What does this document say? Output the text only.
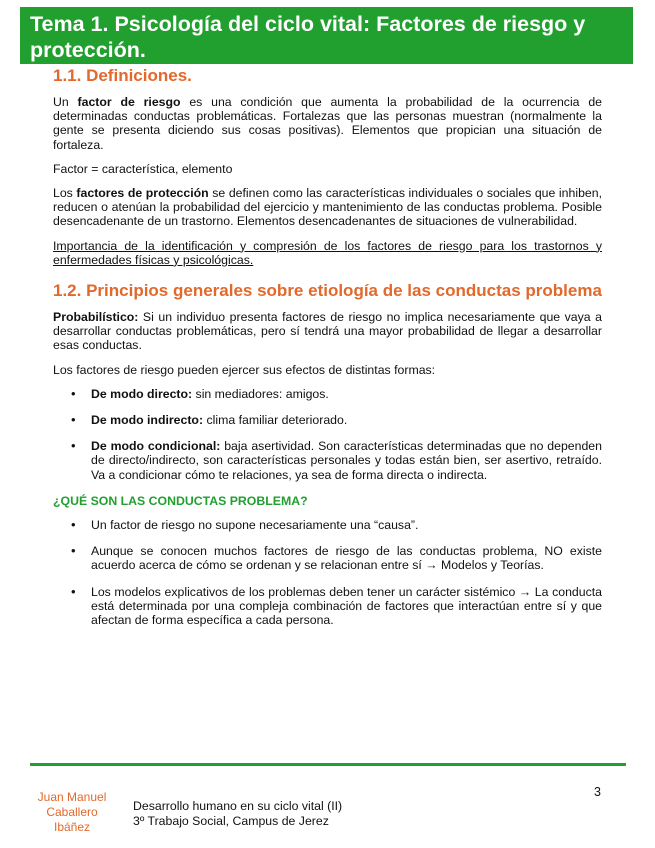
Tema 1. Psicología del ciclo vital: Factores de riesgo y protección.
1.1. Definiciones.

Un factor de riesgo es una condición que aumenta la probabilidad de la ocurrencia de determinadas conductas problemáticas. Fortalezas que las personas muestran (normalmente la gente se presenta diciendo sus cosas positivas). Elementos que propician una situación de fortaleza.

Factor = característica, elemento

Los factores de protección se definen como las características individuales o sociales que inhiben, reducen o atenúan la probabilidad del ejercicio y mantenimiento de las conductas problema. Posible desencadenante de un trastorno. Elementos desencadenantes de situaciones de vulnerabilidad.

Importancia de la identificación y compresión de los factores de riesgo para los trastornos y enfermedades físicas y psicológicas.

1.2. Principios generales sobre etiología de las conductas problema

Probabilístico: Si un individuo presenta factores de riesgo no implica necesariamente que vaya a desarrollar conductas problemáticas, pero sí tendrá una mayor probabilidad de llegar a desarrollar esas conductas.

Los factores de riesgo pueden ejercer sus efectos de distintas formas:

• De modo directo: sin mediadores: amigos.
• De modo indirecto: clima familiar deteriorado.
• De modo condicional: baja asertividad. Son características determinadas que no dependen de directo/indirecto, son características personales y todas están bien, ser asertivo, retraído. Va a condicionar cómo te relaciones, ya sea de forma directa o indirecta.
¿QUÉ SON LAS CONDUCTAS PROBLEMA?
• Un factor de riesgo no supone necesariamente una “causa”.
• Aunque se conocen muchos factores de riesgo de las conductas problema, NO existe acuerdo acerca de cómo se ordenan y se relacionan entre sí → Modelos y Teorías.
• Los modelos explicativos de los problemas deben tener un carácter sistémico → La conducta está determinada por una compleja combinación de factores que interactúan entre sí y que afectan de forma específica a cada persona.
3
Juan Manuel
Caballero
Ibáñez
Desarrollo humano en su ciclo vital (II)
3º Trabajo Social, Campus de Jerez
